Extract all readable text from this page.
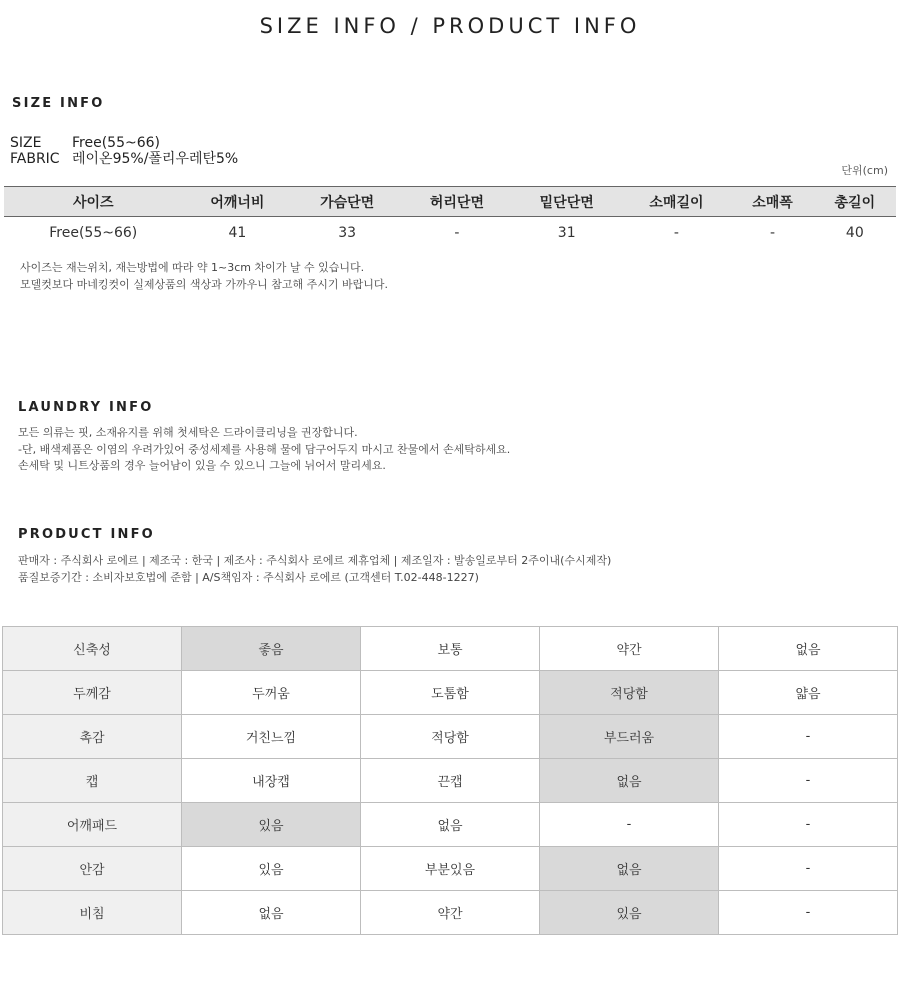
SIZE INFO / PRODUCT INFO
SIZE INFO
SIZE Free(55~66)
FABRIC 레이온95%/폴리우레탄5%
단위(cm)
사이즈	어깨너비	가슴단면	허리단면	밑단단면	소매길이	소매폭	총길이
Free(55~66)	41	33	-	31	-	-	40
사이즈는 재는위치, 재는방법에 따라 약 1~3cm 차이가 날 수 있습니다.
모델컷보다 마네킹컷이 실제상품의 색상과 가까우니 참고해 주시기 바랍니다.
LAUNDRY INFO
모든 의류는 핏, 소재유지를 위해 첫세탁은 드라이클리닝을 권장합니다.
-단, 배색제품은 이염의 우려가있어 중성세제를 사용해 물에 담구어두지 마시고 찬물에서 손세탁하세요.
손세탁 및 니트상품의 경우 늘어남이 있을 수 있으니 그늘에 뉘어서 말리세요.
PRODUCT INFO
판매자 : 주식회사 로에르 | 제조국 : 한국 | 제조사 : 주식회사 로에르 제휴업체 | 제조일자 : 발송일로부터 2주이내(수시제작)
품질보증기간 : 소비자보호법에 준함 | A/S책임자 : 주식회사 로에르 (고객센터 T.02-448-1227)
신축성	좋음	보통	약간	없음
두께감	두꺼움	도톰함	적당함	얇음
촉감	거친느낌	적당함	부드러움	-
캡	내장캡	끈캡	없음	-
어깨패드	있음	없음	-	-
안감	있음	부분있음	없음	-
비침	없음	약간	있음	-
